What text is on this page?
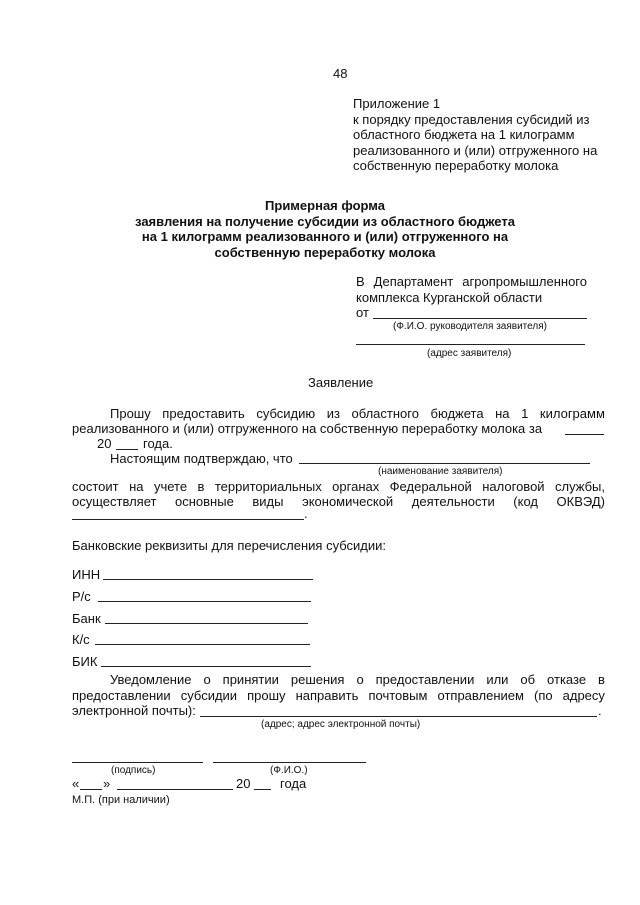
48
Приложение 1
к порядку предоставления субсидий из
областного бюджета на 1 килограмм
реализованного и (или) отгруженного на
собственную переработку молока
Примерная форма
заявления на получение субсидии из областного бюджета
на 1 килограмм реализованного и (или) отгруженного на
собственную переработку молока
В Департамент агропромышленного
комплекса Курганской области
от
(Ф.И.О. руководителя заявителя)
(адрес заявителя)
Заявление
Прошу предоставить субсидию из областного бюджета на 1 килограмм
реализованного и (или) отгруженного на собственную переработку молока за
20 года.
Настоящим подтверждаю, что
(наименование заявителя)
состоит на учете в территориальных органах Федеральной налоговой службы,
осуществляет основные виды экономической деятельности (код ОКВЭД)
.
Банковские реквизиты для перечисления субсидии:
ИНН
Р/с
Банк
К/с
БИК
Уведомление о принятии решения о предоставлении или об отказе в
предоставлении субсидии прошу направить почтовым отправлением (по адресу
электронной почты):	.
(адрес; адрес электронной почты)
(подпись)	(Ф.И.О.)
« »	20 года
М.П. (при наличии)
